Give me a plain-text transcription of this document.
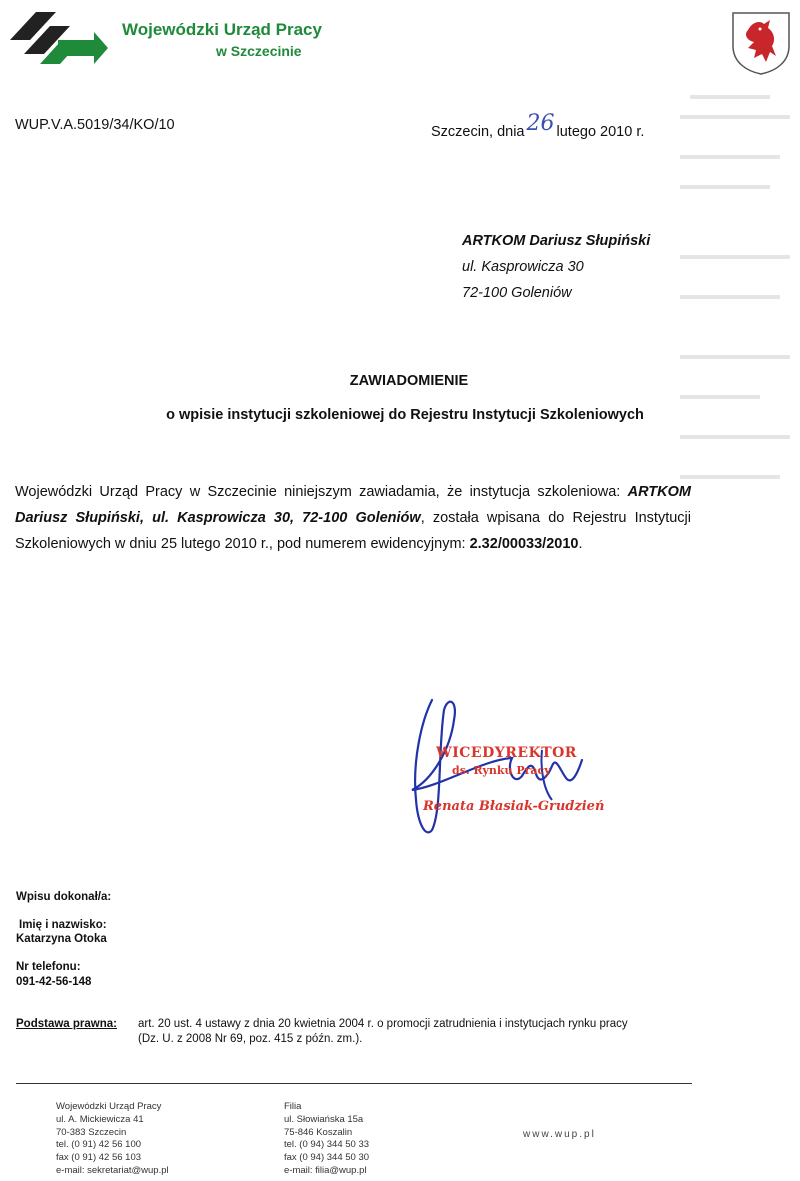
Wojewódzki Urząd Pracy
w Szczecinie
WUP.V.A.5019/34/KO/10	Szczecin, dnia26 lutego 2010 r.
ARTKOM Dariusz Słupiński
ul. Kasprowicza 30
72-100 Goleniów
ZAWIADOMIENIE
o wpisie instytucji szkoleniowej do Rejestru Instytucji Szkoleniowych
Wojewódzki Urząd Pracy w Szczecinie niniejszym zawiadamia, że instytucja szkoleniowa: ARTKOM Dariusz Słupiński, ul. Kasprowicza 30, 72-100 Goleniów, została wpisana do Rejestru Instytucji Szkoleniowych w dniu 25 lutego 2010 r., pod numerem ewidencyjnym: 2.32/00033/2010.
WICEDYREKTOR
ds. Rynku Pracy
Renata Błasiak-Grudzień
Wpisu dokonał/a:
Imię i nazwisko:
Katarzyna Otoka
Nr telefonu:
091-42-56-148
Podstawa prawna: art. 20 ust. 4 ustawy z dnia 20 kwietnia 2004 r. o promocji zatrudnienia i instytucjach rynku pracy
(Dz. U. z 2008 Nr 69, poz. 415 z późn. zm.).
Wojewódzki Urząd Pracy
ul. A. Mickiewicza 41
70-383 Szczecin
tel. (0 91) 42 56 100
fax (0 91) 42 56 103
e-mail: sekretariat@wup.pl
Filia
ul. Słowiańska 15a
75-846 Koszalin
tel. (0 94) 344 50 33
fax (0 94) 344 50 30
e-mail: filia@wup.pl
www.wup.pl
